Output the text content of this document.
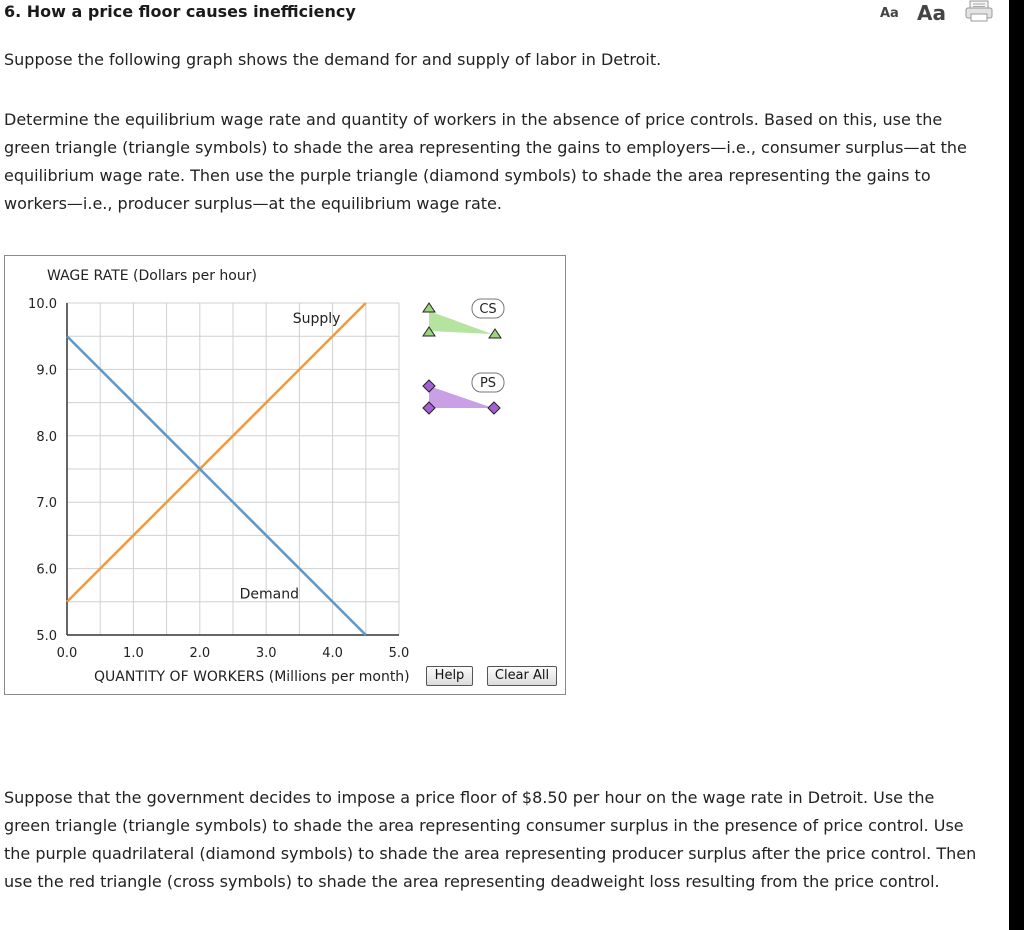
6. How a price floor causes inefficiency	Aa Aa

Suppose the following graph shows the demand for and supply of labor in Detroit.

Determine the equilibrium wage rate and quantity of workers in the absence of price controls. Based on this, use the green triangle (triangle symbols) to shade the area representing the gains to employers—i.e., consumer surplus—at the equilibrium wage rate. Then use the purple triangle (diamond symbols) to shade the area representing the gains to workers—i.e., producer surplus—at the equilibrium wage rate.

WAGE RATE (Dollars per hour)
10.0
9.0
8.0
7.0
6.0
5.0
0.0	1.0	2.0	3.0	4.0	5.0
Supply
Demand
QUANTITY OF WORKERS (Millions per month)
CS
PS
Help	Clear All

Suppose that the government decides to impose a price floor of $8.50 per hour on the wage rate in Detroit. Use the green triangle (triangle symbols) to shade the area representing consumer surplus in the presence of price control. Use the purple quadrilateral (diamond symbols) to shade the area representing producer surplus after the price control. Then use the red triangle (cross symbols) to shade the area representing deadweight loss resulting from the price control.
